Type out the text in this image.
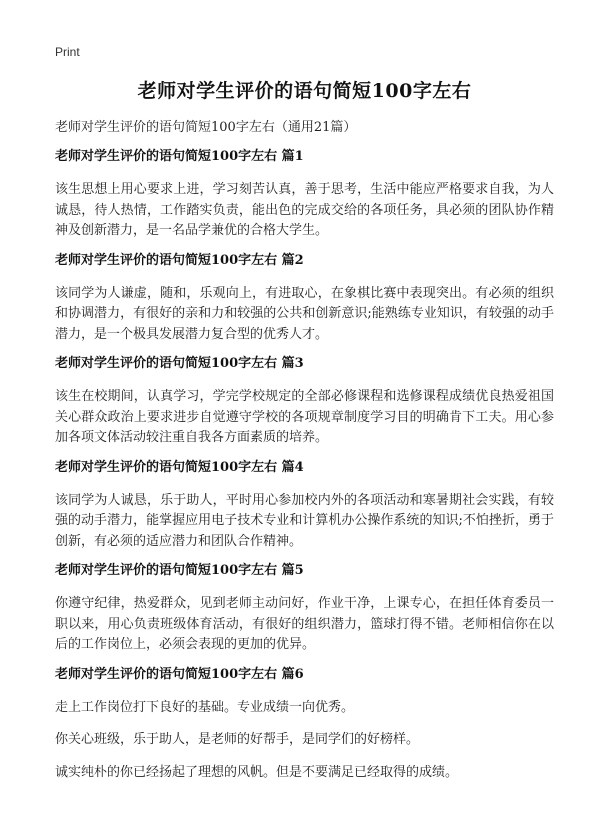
Print
老师对学生评价的语句简短100字左右

老师对学生评价的语句简短100字左右（通用21篇）

老师对学生评价的语句简短100字左右 篇1

该生思想上用心要求上进，学习刻苦认真，善于思考，生活中能应严格要求自我，为人诚恳，待人热情，工作踏实负责，能出色的完成交给的各项任务，具必须的团队协作精神及创新潜力，是一名品学兼优的合格大学生。

老师对学生评价的语句简短100字左右 篇2

该同学为人谦虚，随和，乐观向上，有进取心，在象棋比赛中表现突出。有必须的组织和协调潜力，有很好的亲和力和较强的公共和创新意识;能熟练专业知识，有较强的动手潜力，是一个极具发展潜力复合型的优秀人才。

老师对学生评价的语句简短100字左右 篇3

该生在校期间，认真学习，学完学校规定的全部必修课程和选修课程成绩优良热爱祖国关心群众政治上要求进步自觉遵守学校的各项规章制度学习目的明确肯下工夫。用心参加各项文体活动较注重自我各方面素质的培养。

老师对学生评价的语句简短100字左右 篇4

该同学为人诚恳，乐于助人，平时用心参加校内外的各项活动和寒暑期社会实践，有较强的动手潜力，能掌握应用电子技术专业和计算机办公操作系统的知识;不怕挫折，勇于创新，有必须的适应潜力和团队合作精神。

老师对学生评价的语句简短100字左右 篇5

你遵守纪律，热爱群众，见到老师主动问好，作业干净，上课专心，在担任体育委员一职以来，用心负责班级体育活动，有很好的组织潜力，篮球打得不错。老师相信你在以后的工作岗位上，必须会表现的更加的优异。

老师对学生评价的语句简短100字左右 篇6

走上工作岗位打下良好的基础。专业成绩一向优秀。

你关心班级，乐于助人，是老师的好帮手，是同学们的好榜样。

诚实纯朴的你已经扬起了理想的风帆。但是不要满足已经取得的成绩。
